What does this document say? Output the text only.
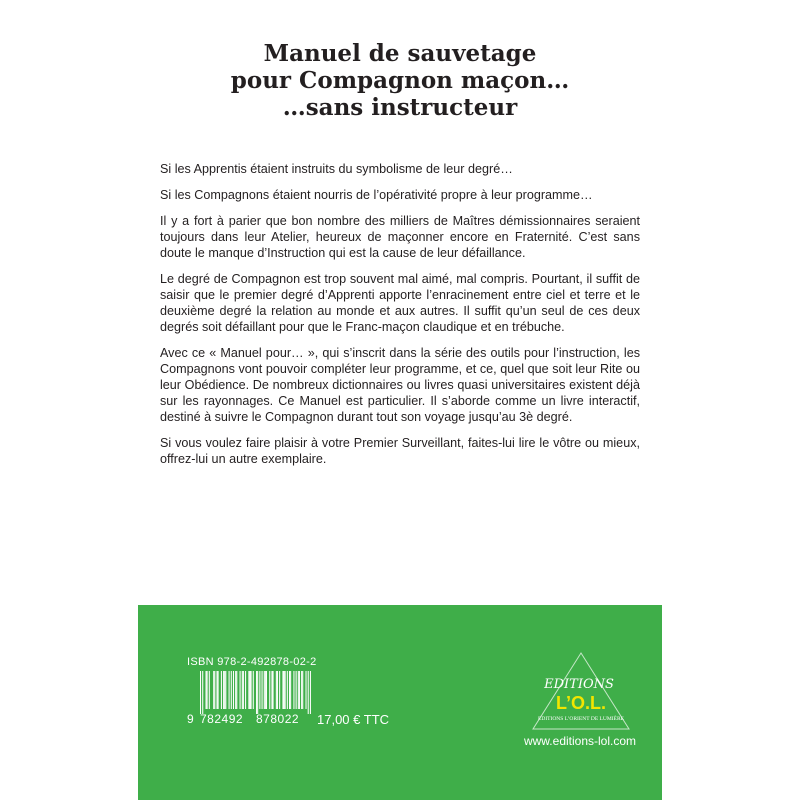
Manuel de sauvetage
pour Compagnon maçon…
…sans instructeur

Si les Apprentis étaient instruits du symbolisme de leur degré…

Si les Compagnons étaient nourris de l’opérativité propre à leur programme…

Il y a fort à parier que bon nombre des milliers de Maîtres démissionnaires seraient toujours dans leur Atelier, heureux de maçonner encore en Fraternité. C’est sans doute le manque d’Instruction qui est la cause de leur défaillance.

Le degré de Compagnon est trop souvent mal aimé, mal compris. Pourtant, il suffit de saisir que le premier degré d’Apprenti apporte l’enracinement entre ciel et terre et le deuxième degré la relation au monde et aux autres. Il suffit qu’un seul de ces deux degrés soit défaillant pour que le Franc-maçon claudique et en trébuche.

Avec ce « Manuel pour… », qui s’inscrit dans la série des outils pour l’instruction, les Compagnons vont pouvoir compléter leur programme, et ce, quel que soit leur Rite ou leur Obédience. De nombreux dictionnaires ou livres quasi universitaires existent déjà sur les rayonnages. Ce Manuel est particulier. Il s’aborde comme un livre interactif, destiné à suivre le Compagnon durant tout son voyage jusqu’au 3è degré.

Si vous voulez faire plaisir à votre Premier Surveillant, faites-lui lire le vôtre ou mieux, offrez-lui un autre exemplaire.

ISBN 978-2-492878-02-2
9 782492 878022 17,00 € TTC
EDITIONS
L’O.L.
EDITIONS L’ORIENT DE LUMIÈRE
www.editions-lol.com
